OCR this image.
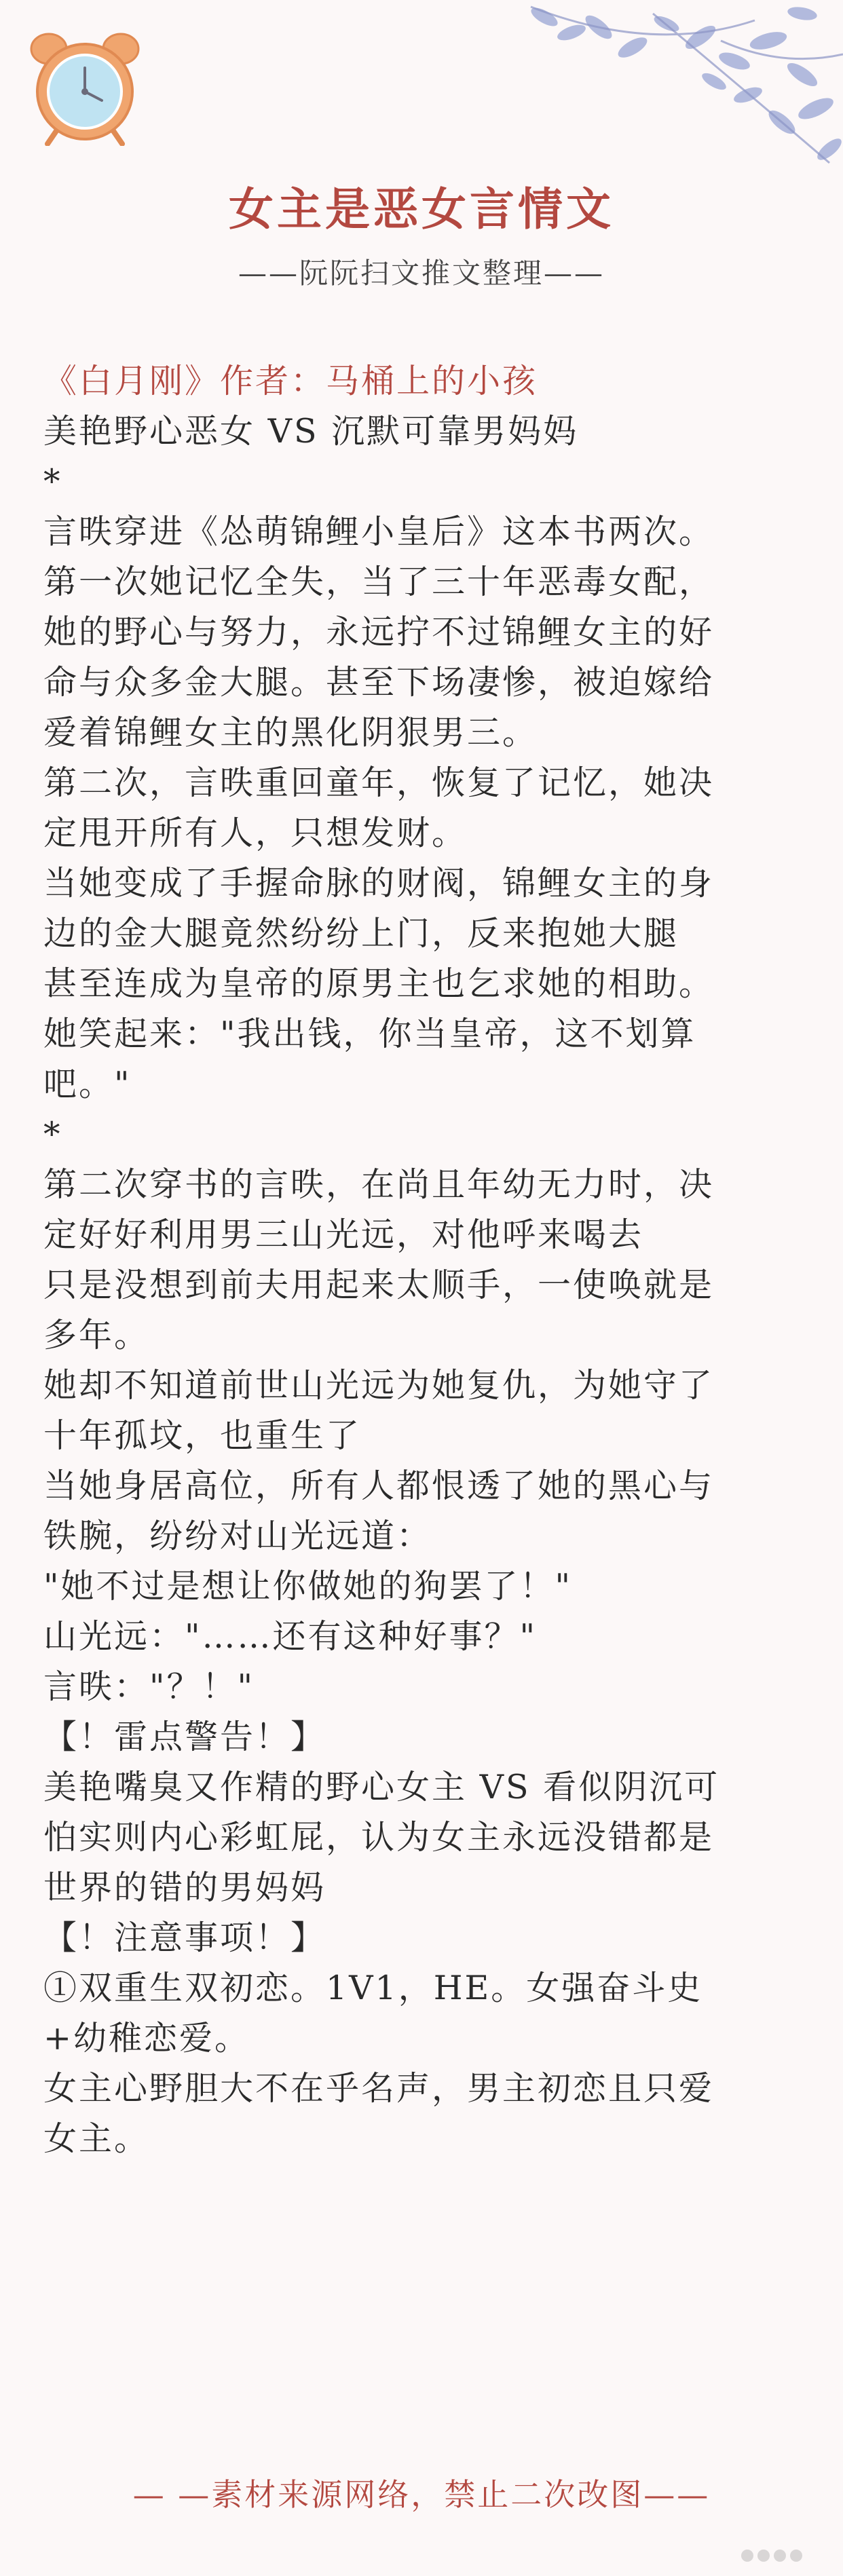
女主是恶女言情文
——阮阮扫文推文整理——
《白月刚》作者：马桶上的小孩
美艳野心恶女 VS 沉默可靠男妈妈
*
言昳穿进《怂萌锦鲤小皇后》这本书两次。
第一次她记忆全失，当了三十年恶毒女配，
她的野心与努力，永远拧不过锦鲤女主的好
命与众多金大腿。甚至下场凄惨，被迫嫁给
爱着锦鲤女主的黑化阴狠男三。
第二次，言昳重回童年，恢复了记忆，她决
定甩开所有人，只想发财。
当她变成了手握命脉的财阀，锦鲤女主的身
边的金大腿竟然纷纷上门，反来抱她大腿
甚至连成为皇帝的原男主也乞求她的相助。
她笑起来："我出钱，你当皇帝，这不划算
吧。"
*
第二次穿书的言昳，在尚且年幼无力时，决
定好好利用男三山光远，对他呼来喝去
只是没想到前夫用起来太顺手，一使唤就是
多年。
她却不知道前世山光远为她复仇，为她守了
十年孤坟，也重生了
当她身居高位，所有人都恨透了她的黑心与
铁腕，纷纷对山光远道：
"她不过是想让你做她的狗罢了！"
山光远："……还有这种好事？"
言昳："？！"
【！雷点警告！】
美艳嘴臭又作精的野心女主 VS 看似阴沉可
怕实则内心彩虹屁，认为女主永远没错都是
世界的错的男妈妈
【！注意事项！】
①双重生双初恋。1V1，HE。女强奋斗史
+幼稚恋爱。
女主心野胆大不在乎名声，男主初恋且只爱
女主。
— —素材来源网络，禁止二次改图——
